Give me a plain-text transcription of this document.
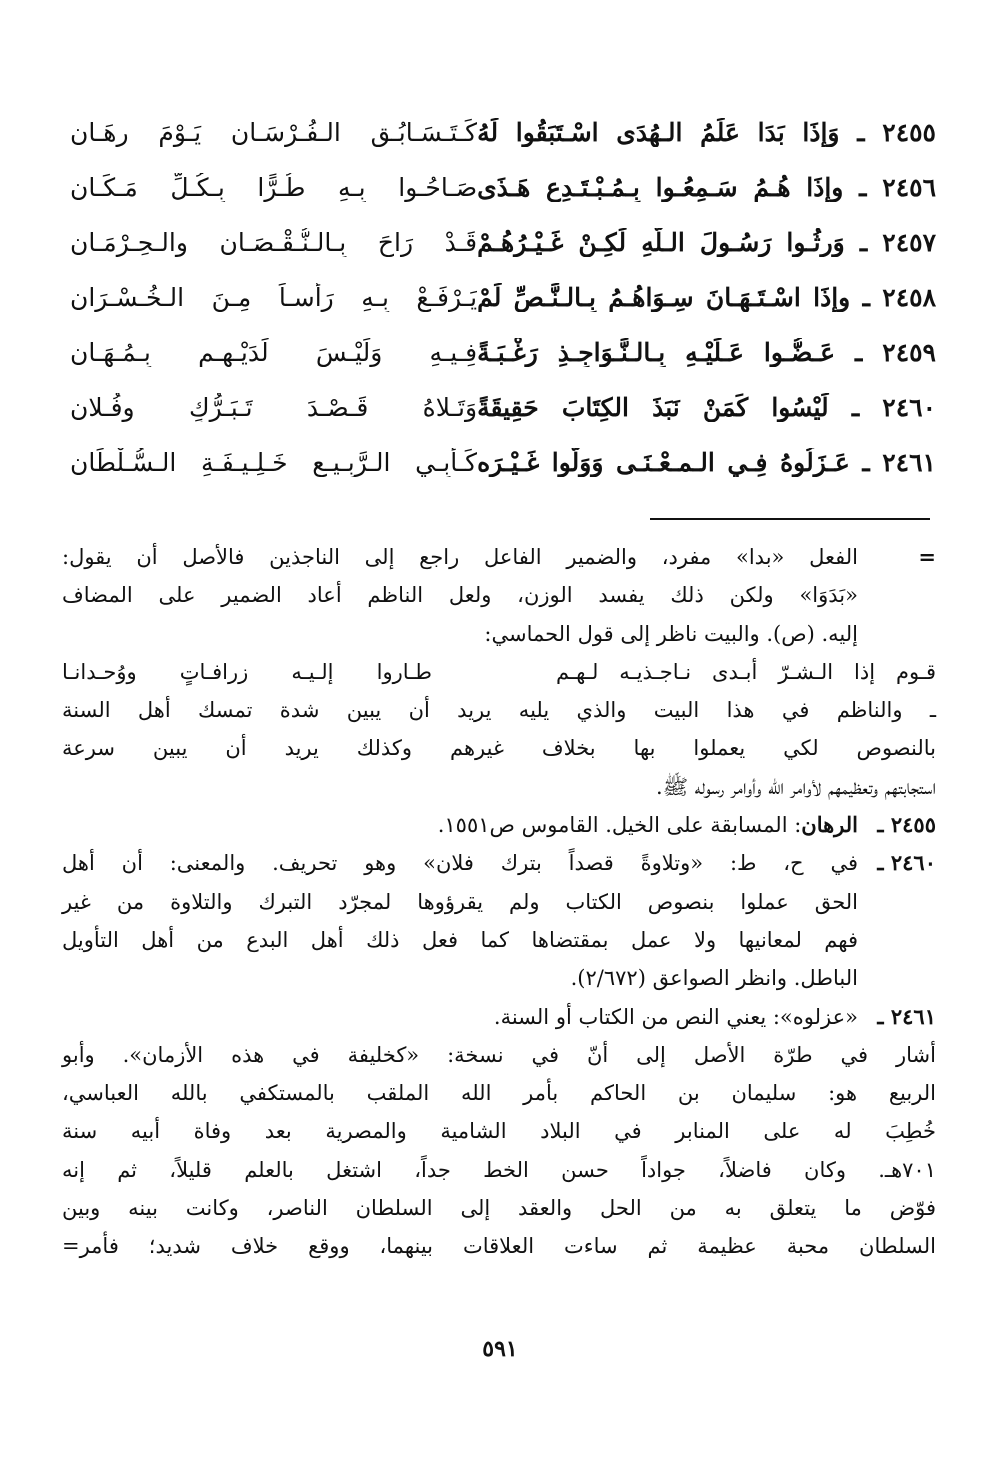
٢٤٥٥ ـ وَإِذَا بَدَا عَلَمُ الـهُدَى اسْـتَبَقُوا لَهُ
كَـتَـسَـابُـقِ الـفُـرْسَـانِ يَـوْمَ رِهَـانِ
٢٤٥٦ ـ وإِذَا هُـمُ سَـمِعُـوا بِـمُـبْـتَـدِعٍ هَـذَى
صَـاحُـوا بِـهِ طُـرًّا بِـكُـلِّ مَـكَـانِ
٢٤٥٧ ـ وَرِثُـوا رَسُـولَ الـلَّهِ لَكِـنْ غَـيْـرُهُـمْ
قَـدْ رَاحَ بِـالـنُّـقْـصَـانِ والـحِـرْمَـانِ
٢٤٥٨ ـ وإِذَا اسْـتَـهَـانَ سِـوَاهُـمُ بِـالـنَّـصِّ لَمْ
يَـرْفَـعْ بِـهِ رَأْسـاً مِـنَ الـخُـسْـرَانِ
٢٤٥٩ ـ عَـضُّـوا عَـلَيْـهِ بِـالـنَّـوَاجِـذِ رَغْـبَـةً
فِـيـهِ وَلَيْـسَ لَدَيْـهِـم بِـمُـهَـانِ
٢٤٦٠ ـ لَيْسُوا كَمَنْ نَبَذَ الكِتَابَ حَقِيقَةً
وَتَـلاهُ قَـصْـدَ تَـبَـرُّكٍ وفُـلانِ
٢٤٦١ ـ عَـزَلُوهُ فِـي الـمـعْـنَـى وَوَلَّوا غَـيْـرَه
كَـأَبِـي الـرَّبِـيـعِ خَـلِـيـفَـةِ الـسُّـلْطَانِ
=
الفعل «بدا» مفرد، والضمير الفاعل راجع إلى الناجذين فالأصل أن يقول:
«بَدَوَا» ولكن ذلك يفسد الوزن، ولعل الناظم أعاد الضمير على المضاف
إليه. (ص). والبيت ناظر إلى قول الحماسي:
قـوم إذا الـشـرّ أبـدى نـاجـذيـه لـهـم
طـاروا إلـيـه زرافـاتٍ ووُحـدانـا
ـ والناظم في هذا البيت والذي يليه يريد أن يبين شدة تمسك أهل السنة
بالنصوص لكي يعملوا بها بخلاف غيرهم وكذلك يريد أن يبين سرعة
استجابتهم وتعظيمهم لأوامر الله وأوامر رسوله ﷺ.
٢٤٥٥ ـ
الرهان: المسابقة على الخيل. القاموس ص١٥٥١.
٢٤٦٠ ـ
في ح، ط: «وتلاوةً قصداً بترك فلان» وهو تحريف. والمعنى: أن أهل
الحق عملوا بنصوص الكتاب ولم يقرؤوها لمجرّد التبرك والتلاوة من غير
فهم لمعانيها ولا عمل بمقتضاها كما فعل ذلك أهل البدع من أهل التأويل
الباطل. وانظر الصواعق (٢/٦٧٢).
٢٤٦١ ـ
«عزلوه»: يعني النص من الكتاب أو السنة.
أشار في طرّة الأصل إلى أنّ في نسخة: «كخليفة في هذه الأزمان». وأبو
الربيع هو: سليمان بن الحاكم بأمر الله الملقب بالمستكفي بالله العباسي،
خُطِبَ له على المنابر في البلاد الشامية والمصرية بعد وفاة أبيه سنة
٧٠١هـ. وكان فاضلاً، جواداً حسن الخط جداً، اشتغل بالعلم قليلاً، ثم إنه
فوّض ما يتعلق به من الحل والعقد إلى السلطان الناصر، وكانت بينه وبين
السلطان محبة عظيمة ثم ساءت العلاقات بينهما، ووقع خلاف شديد؛ فأمر=
٥٩١
